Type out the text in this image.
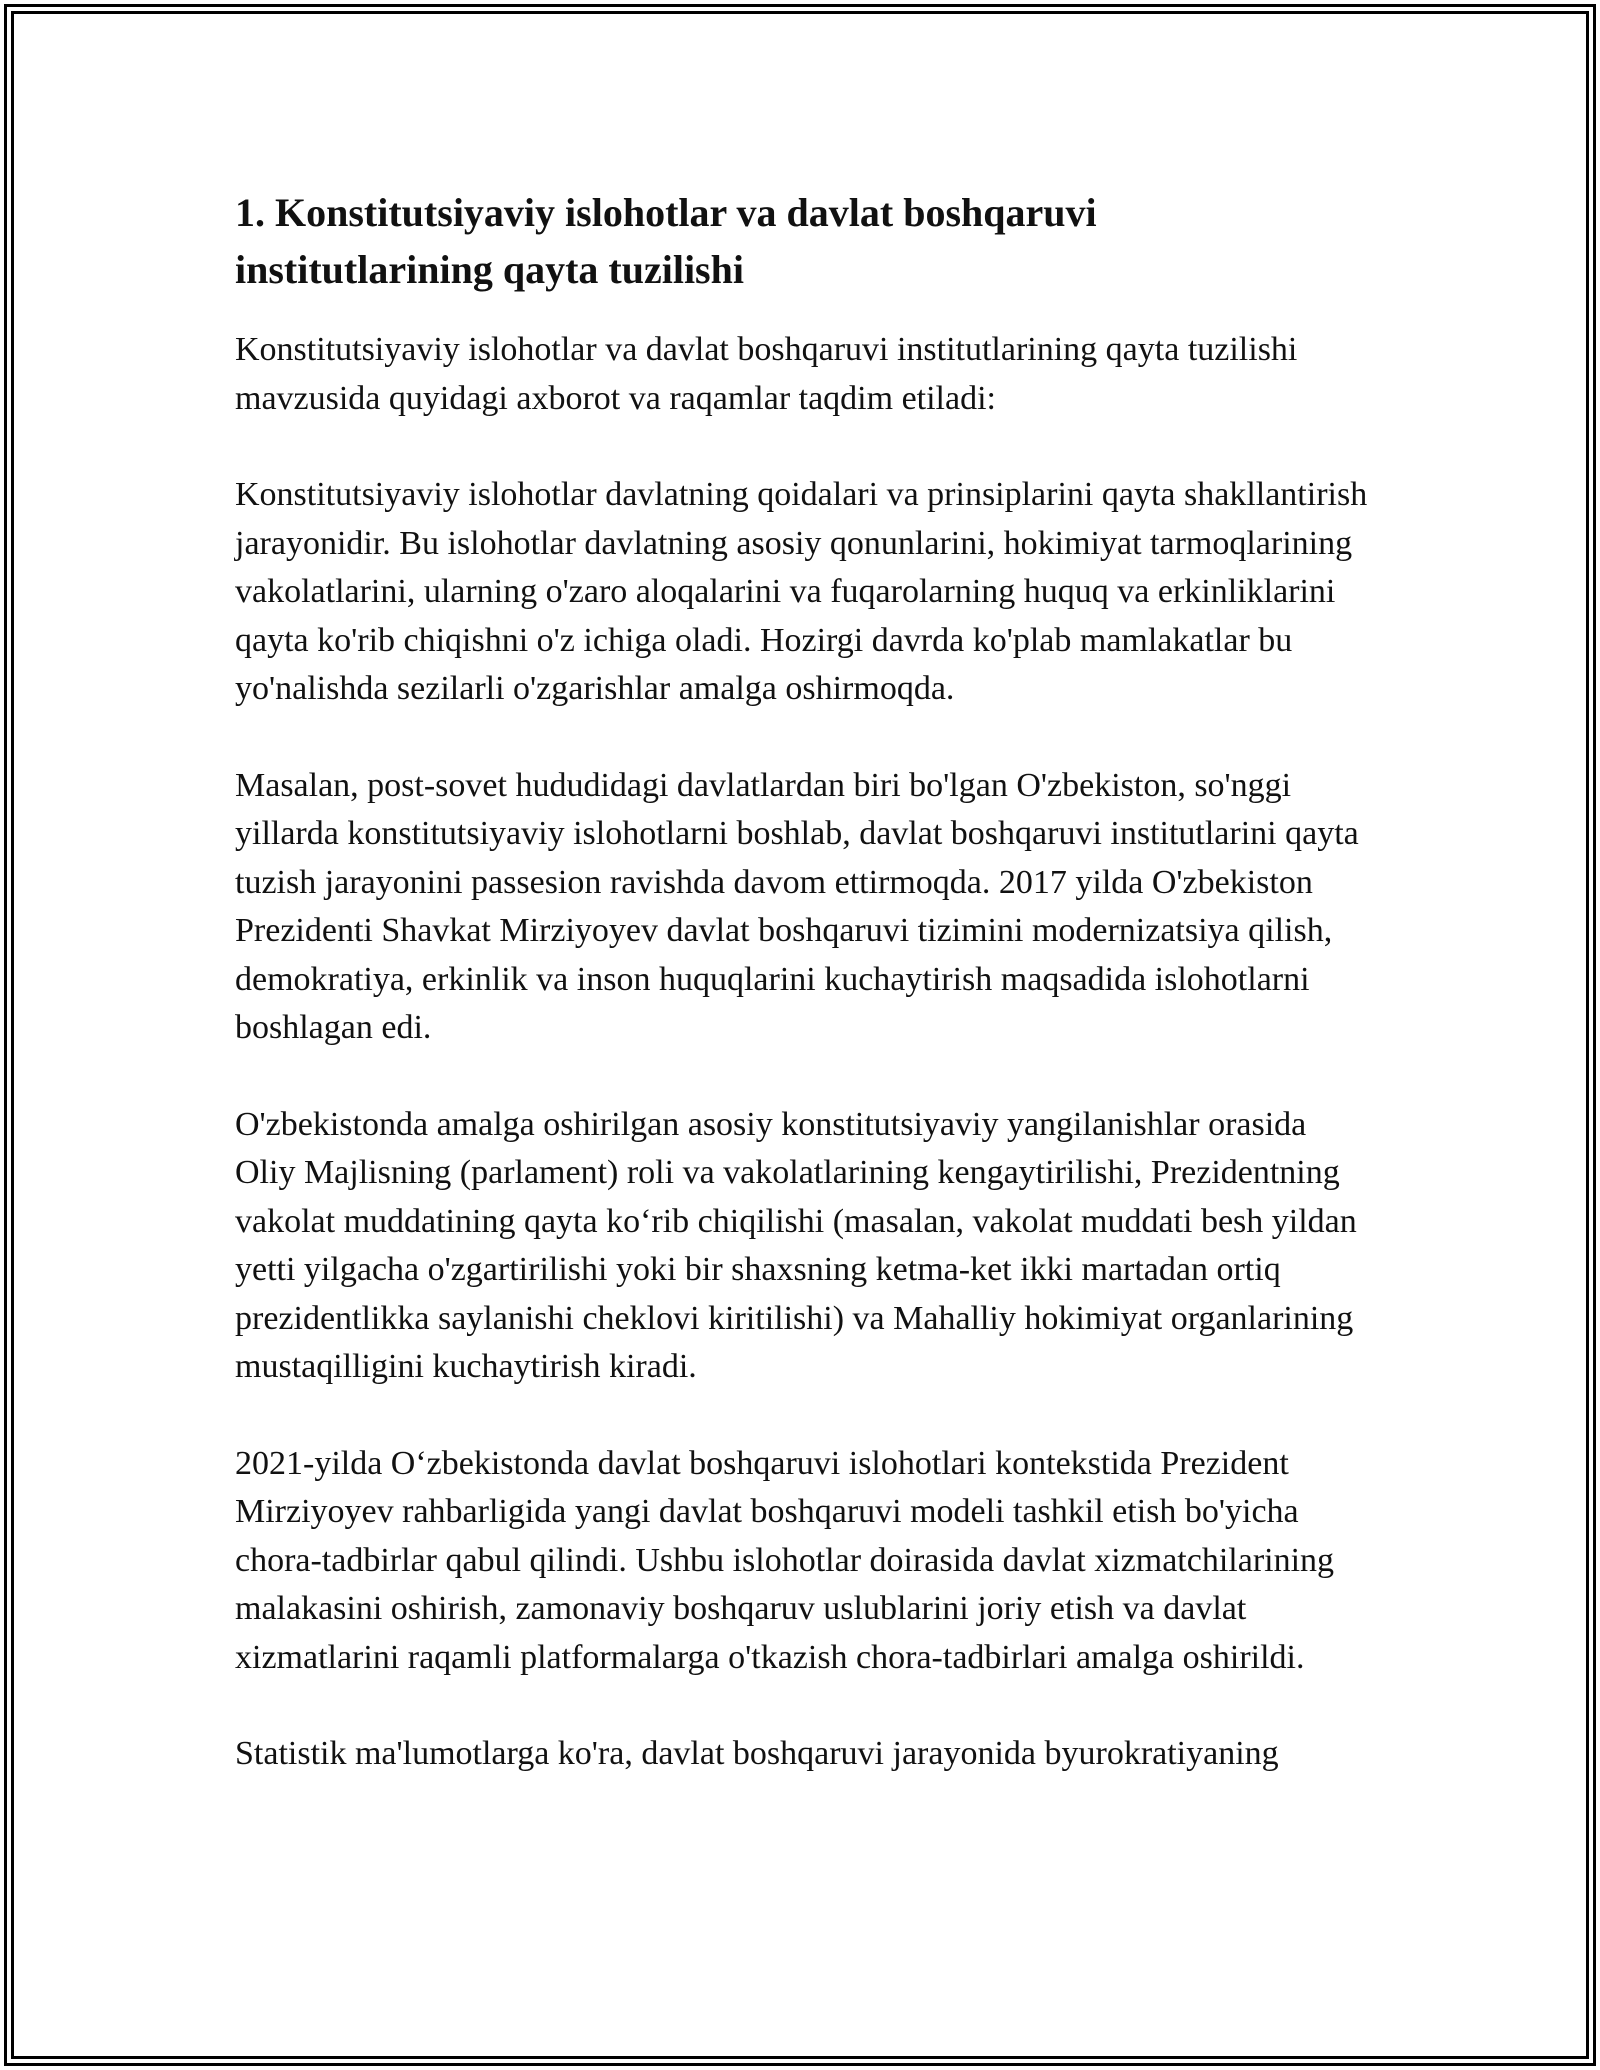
1. Konstitutsiyaviy islohotlar va davlat boshqaruvi institutlarining qayta tuzilishi

Konstitutsiyaviy islohotlar va davlat boshqaruvi institutlarining qayta tuzilishi mavzusida quyidagi axborot va raqamlar taqdim etiladi:

Konstitutsiyaviy islohotlar davlatning qoidalari va prinsiplarini qayta shakllantirish jarayonidir. Bu islohotlar davlatning asosiy qonunlarini, hokimiyat tarmoqlarining vakolatlarini, ularning o'zaro aloqalarini va fuqarolarning huquq va erkinliklarini qayta ko'rib chiqishni o'z ichiga oladi. Hozirgi davrda ko'plab mamlakatlar bu yo'nalishda sezilarli o'zgarishlar amalga oshirmoqda.

Masalan, post-sovet hududidagi davlatlardan biri bo'lgan O'zbekiston, so'nggi yillarda konstitutsiyaviy islohotlarni boshlab, davlat boshqaruvi institutlarini qayta tuzish jarayonini passesion ravishda davom ettirmoqda. 2017 yilda O'zbekiston Prezidenti Shavkat Mirziyoyev davlat boshqaruvi tizimini modernizatsiya qilish, demokratiya, erkinlik va inson huquqlarini kuchaytirish maqsadida islohotlarni boshlagan edi.

O'zbekistonda amalga oshirilgan asosiy konstitutsiyaviy yangilanishlar orasida Oliy Majlisning (parlament) roli va vakolatlarining kengaytirilishi, Prezidentning vakolat muddatining qayta ko‘rib chiqilishi (masalan, vakolat muddati besh yildan yetti yilgacha o'zgartirilishi yoki bir shaxsning ketma-ket ikki martadan ortiq prezidentlikka saylanishi cheklovi kiritilishi) va Mahalliy hokimiyat organlarining mustaqilligini kuchaytirish kiradi.

2021-yilda O‘zbekistonda davlat boshqaruvi islohotlari kontekstida Prezident Mirziyoyev rahbarligida yangi davlat boshqaruvi modeli tashkil etish bo'yicha chora-tadbirlar qabul qilindi. Ushbu islohotlar doirasida davlat xizmatchilarining malakasini oshirish, zamonaviy boshqaruv uslublarini joriy etish va davlat xizmatlarini raqamli platformalarga o'tkazish chora-tadbirlari amalga oshirildi.

Statistik ma'lumotlarga ko'ra, davlat boshqaruvi jarayonida byurokratiyaning
